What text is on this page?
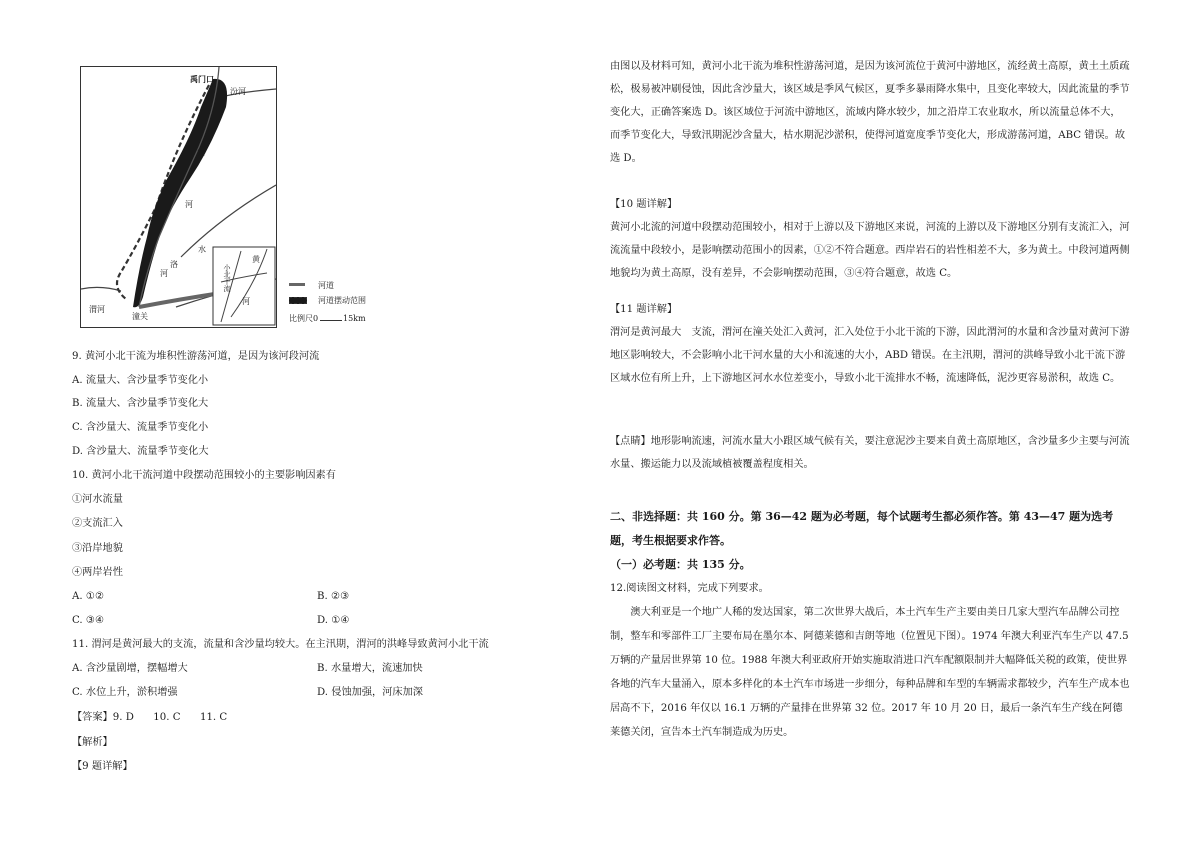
禹门口
汾河
黄
河
水
洛
河
渭河
潼关
黄
河
小北干流	河道
河道摆动范围
比例尺0	15km
9. 黄河小北干流为堆积性游荡河道，是因为该河段河流
A. 流量大、含沙量季节变化小
B. 流量大、含沙量季节变化大
C. 含沙量大、流量季节变化小
D. 含沙量大、流量季节变化大
10. 黄河小北干流河道中段摆动范围较小的主要影响因素有
①河水流量
②支流汇入
③沿岸地貌
④两岸岩性
A. ①②	B. ②③
C. ③④	D. ①④
11. 渭河是黄河最大的支流，流量和含沙量均较大。在主汛期，渭河的洪峰导致黄河小北干流
A. 含沙量剧增，摆幅增大	B. 水量增大，流速加快
C. 水位上升，淤积增强	D. 侵蚀加强，河床加深
【答案】9. D      10. C      11. C
【解析】
【9 题详解】
由图以及材料可知，黄河小北干流为堆积性游荡河道，是因为该河流位于黄河中游地区，流经黄土高原，黄土土质疏松，极易被冲刷侵蚀，因此含沙量大，该区域是季风气候区，夏季多暴雨降水集中，且变化率较大，因此流量的季节变化大，正确答案选 D。该区域位于河流中游地区，流域内降水较少，加之沿岸工农业取水，所以流量总体不大，而季节变化大，导致汛期泥沙含量大，枯水期泥沙淤积，使得河道宽度季节变化大，形成游荡河道，ABC 错误。故选 D。
【10 题详解】
黄河小北流的河道中段摆动范围较小，相对于上游以及下游地区来说，河流的上游以及下游地区分别有支流汇入，河流流量中段较小，是影响摆动范围小的因素，①②不符合题意。西岸岩石的岩性相差不大，多为黄土。中段河道两侧地貌均为黄土高原，没有差异，不会影响摆动范围，③④符合题意，故选 C。
【11 题详解】
渭河是黄河最大　支流，渭河在潼关处汇入黄河，汇入处位于小北干流的下游，因此渭河的水量和含沙量对黄河下游地区影响较大，不会影响小北干河水量的大小和流速的大小，ABD 错误。在主汛期，渭河的洪峰导致小北干流下游区域水位有所上升，上下游地区河水水位差变小，导致小北干流排水不畅，流速降低，泥沙更容易淤积，故选 C。
【点睛】地形影响流速，河流水量大小跟区域气候有关，要注意泥沙主要来自黄土高原地区，含沙量多少主要与河流水量、搬运能力以及流域植被覆盖程度相关。
二、非选择题：共 160 分。第 36—42 题为必考题，每个试题考生都必须作答。第 43—47 题为选考题，考生根据要求作答。
（一）必考题：共 135 分。
12.阅读图文材料，完成下列要求。
澳大利亚是一个地广人稀的发达国家，第二次世界大战后，本土汽车生产主要由美日几家大型汽车品牌公司控制，整车和零部件工厂主要布局在墨尔本、阿德莱德和吉朗等地（位置见下图）。1974 年澳大利亚汽车生产以 47.5 万辆的产量居世界第 10 位。1988 年澳大利亚政府开始实施取消进口汽车配额限制并大幅降低关税的政策，使世界各地的汽车大量涌入，原本多样化的本土汽车市场进一步细分，每种品牌和车型的车辆需求都较少，汽车生产成本也居高不下，2016 年仅以 16.1 万辆的产量排在世界第 32 位。2017 年 10 月 20 日，最后一条汽车生产线在阿德莱德关闭，宣告本土汽车制造成为历史。
